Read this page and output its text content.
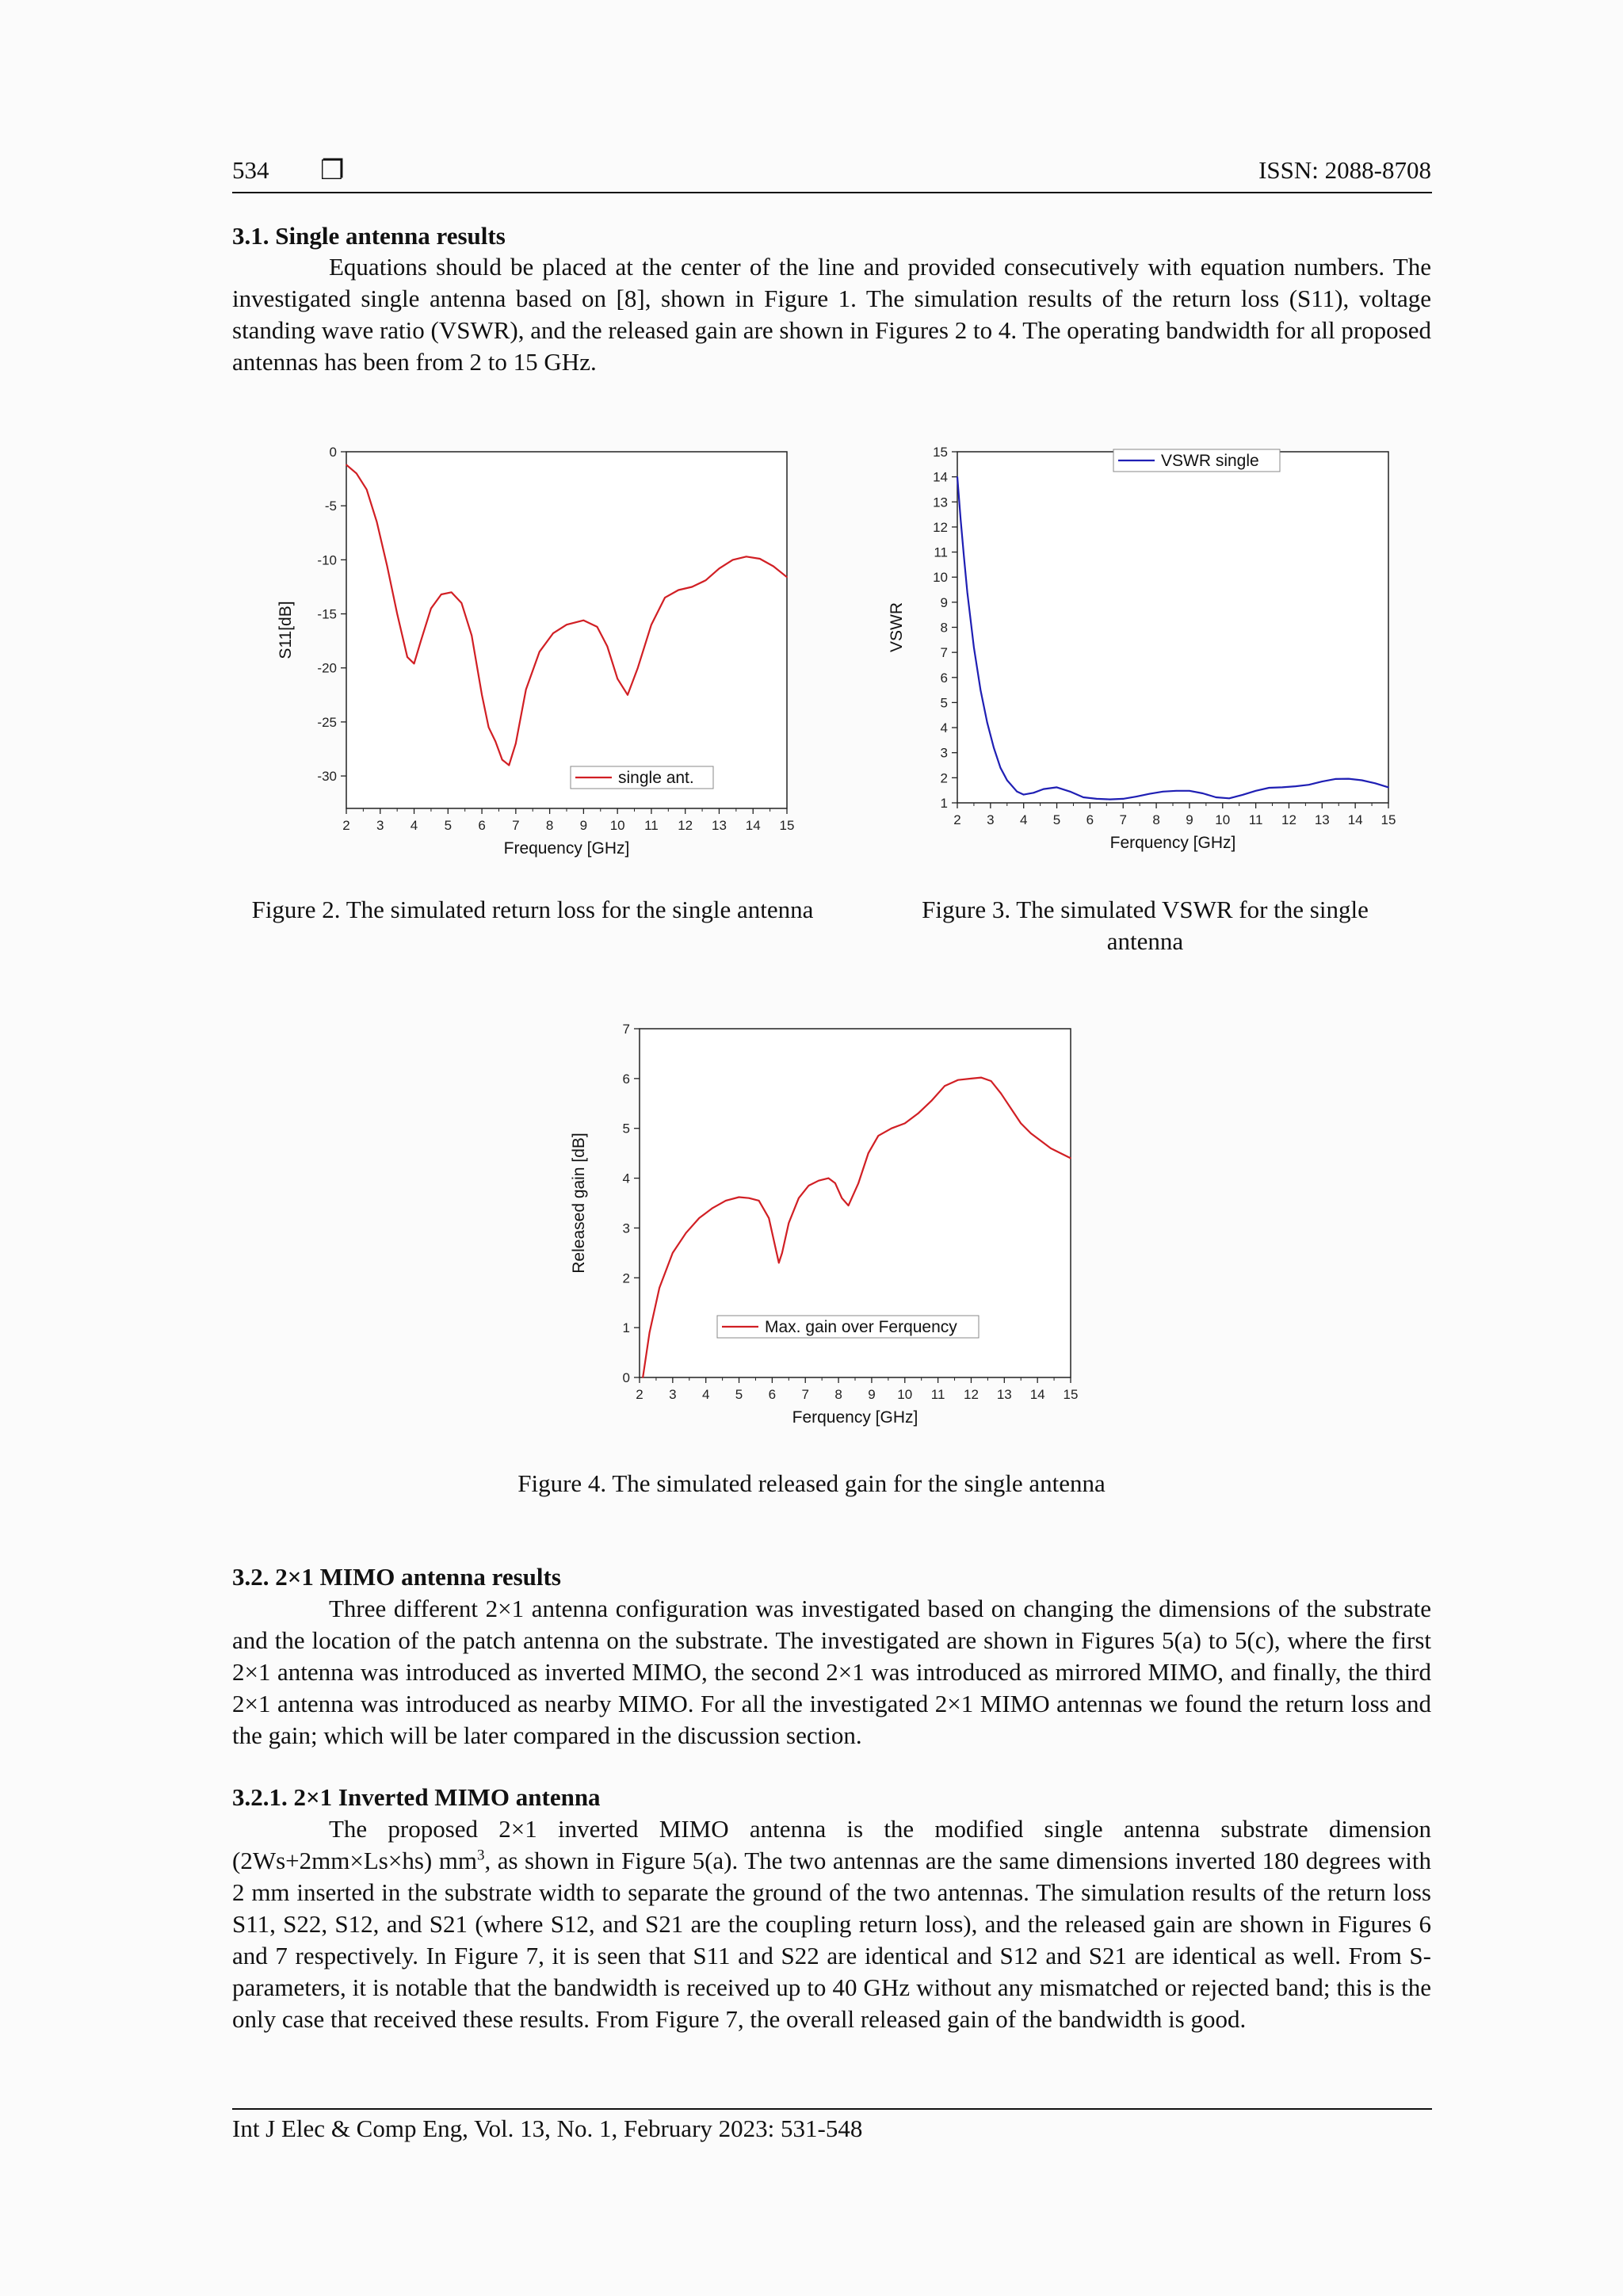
534 ❐	ISSN: 2088-8708
3.1. Single antenna results
Equations should be placed at the center of the line and provided consecutively with equation numbers. The investigated single antenna based on [8], shown in Figure 1. The simulation results of the return loss (S11), voltage standing wave ratio (VSWR), and the released gain are shown in Figures 2 to 4. The operating bandwidth for all proposed antennas has been from 2 to 15 GHz.
2 3 4 5 6 7 8 9 10 11 12 13 14 15
0
-5
-10
-15
-20
-25
-30
Frequency [GHz]
S11[dB]
single ant.
Figure 2. The simulated return loss for the single antenna
2 3 4 5 6 7 8 9 10 11 12 13 14 15
1
2
3
4
5
6
7
8
9
10
11
12
13
14
15
Ferquency [GHz]
VSWR
VSWR single
Figure 3. The simulated VSWR for the single antenna
2 3 4 5 6 7 8 9 10 11 12 13 14 15
0
1
2
3
4
5
6
7
Ferquency [GHz]
Released gain [dB]
Max. gain over Ferquency
Figure 4. The simulated released gain for the single antenna
3.2. 2×1 MIMO antenna results
Three different 2×1 antenna configuration was investigated based on changing the dimensions of the substrate and the location of the patch antenna on the substrate. The investigated are shown in Figures 5(a) to 5(c), where the first 2×1 antenna was introduced as inverted MIMO, the second 2×1 was introduced as mirrored MIMO, and finally, the third 2×1 antenna was introduced as nearby MIMO. For all the investigated 2×1 MIMO antennas we found the return loss and the gain; which will be later compared in the discussion section.
3.2.1. 2×1 Inverted MIMO antenna
The proposed 2×1 inverted MIMO antenna is the modified single antenna substrate dimension (2Ws+2mm×Ls×hs) $mm^3$, as shown in Figure 5(a). The two antennas are the same dimensions inverted 180 degrees with 2 mm inserted in the substrate width to separate the ground of the two antennas. The simulation results of the return loss S11, S22, S12, and S21 (where S12, and S21 are the coupling return loss), and the released gain are shown in Figures 6 and 7 respectively. In Figure 7, it is seen that S11 and S22 are identical and S12 and S21 are identical as well. From S-parameters, it is notable that the bandwidth is received up to 40 GHz without any mismatched or rejected band; this is the only case that received these results. From Figure 7, the overall released gain of the bandwidth is good.
Int J Elec & Comp Eng, Vol. 13, No. 1, February 2023: 531-548
